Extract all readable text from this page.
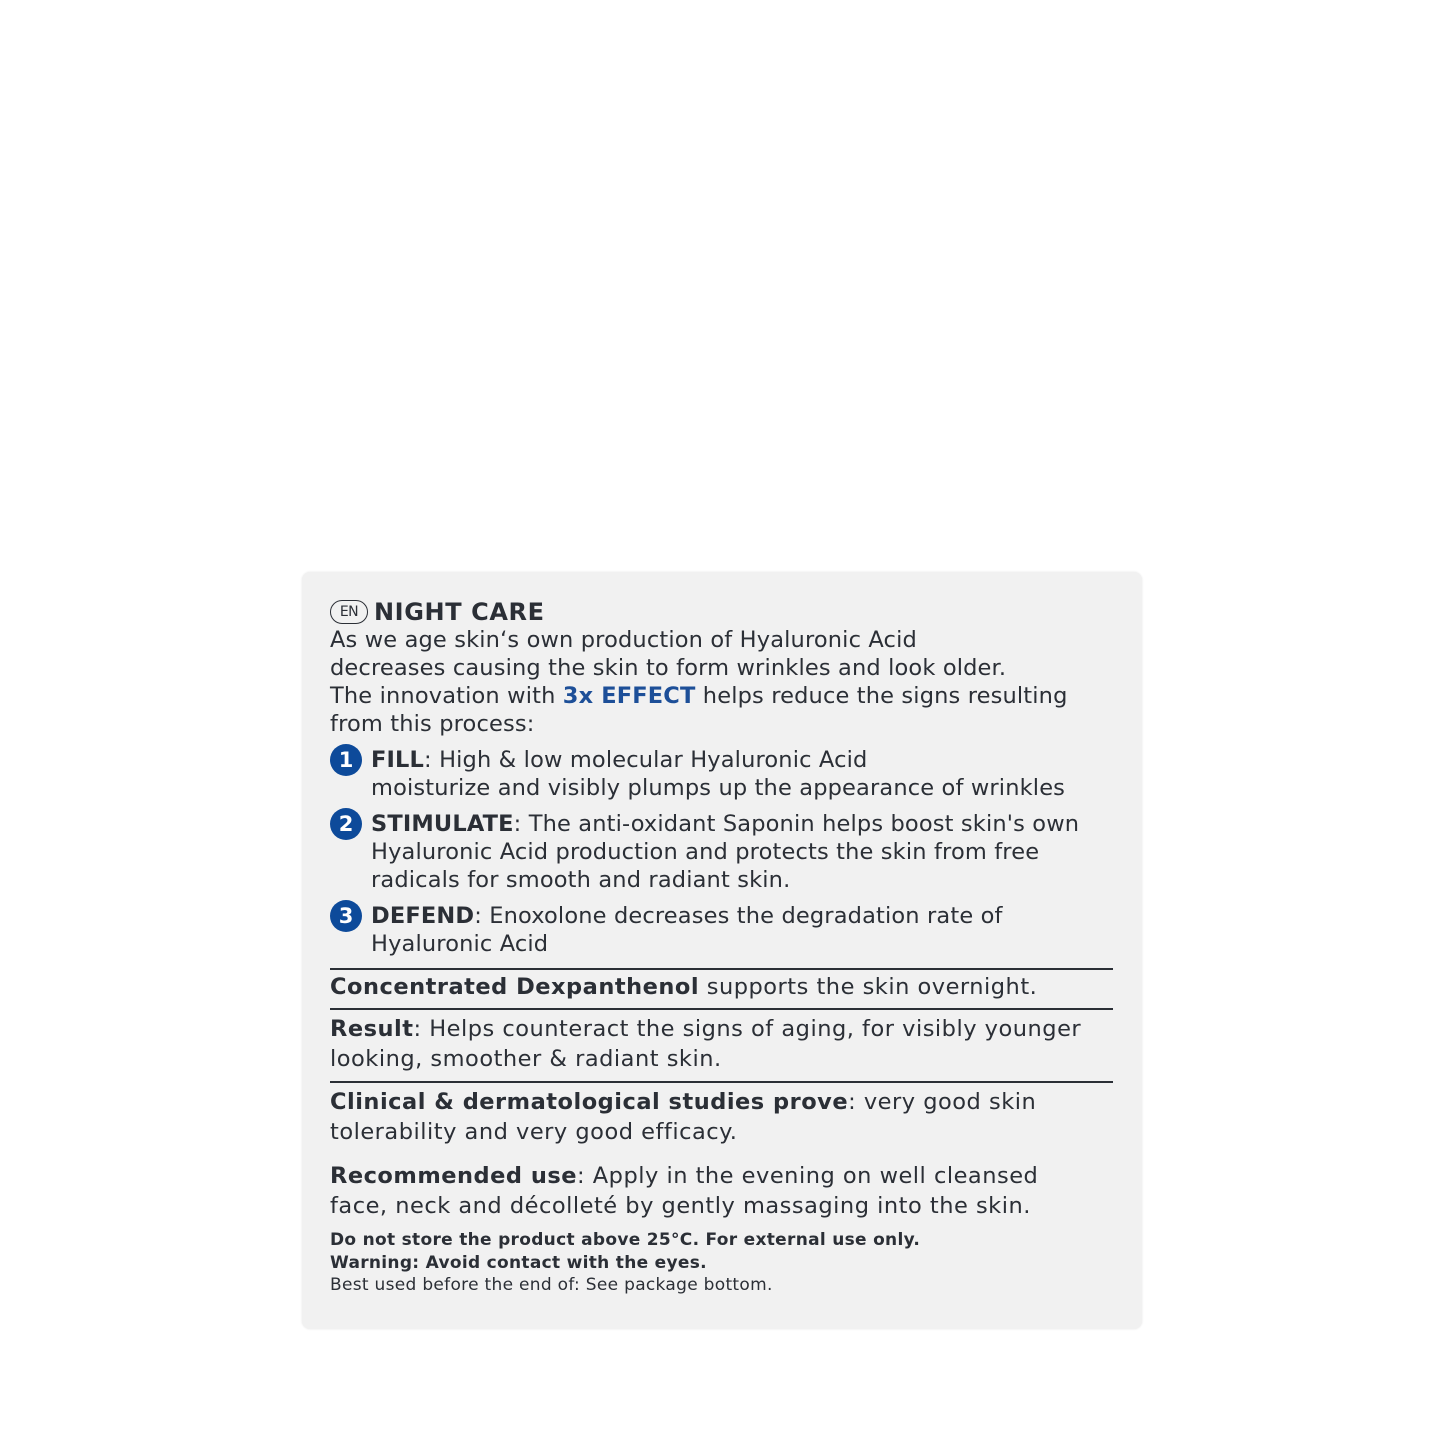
EN NIGHT CARE
As we age skin‘s own production of Hyaluronic Acid
decreases causing the skin to form wrinkles and look older.
The innovation with 3x EFFECT helps reduce the signs resulting
from this process:
1 FILL: High & low molecular Hyaluronic Acid
moisturize and visibly plumps up the appearance of wrinkles
2 STIMULATE: The anti-oxidant Saponin helps boost skin's own
Hyaluronic Acid production and protects the skin from free
radicals for smooth and radiant skin.
3 DEFEND: Enoxolone decreases the degradation rate of
Hyaluronic Acid
Concentrated Dexpanthenol supports the skin overnight.
Result: Helps counteract the signs of aging, for visibly younger
looking, smoother & radiant skin.
Clinical & dermatological studies prove: very good skin
tolerability and very good efficacy.
Recommended use: Apply in the evening on well cleansed
face, neck and décolleté by gently massaging into the skin.
Do not store the product above 25°C. For external use only.
Warning: Avoid contact with the eyes.
Best used before the end of: See package bottom.
